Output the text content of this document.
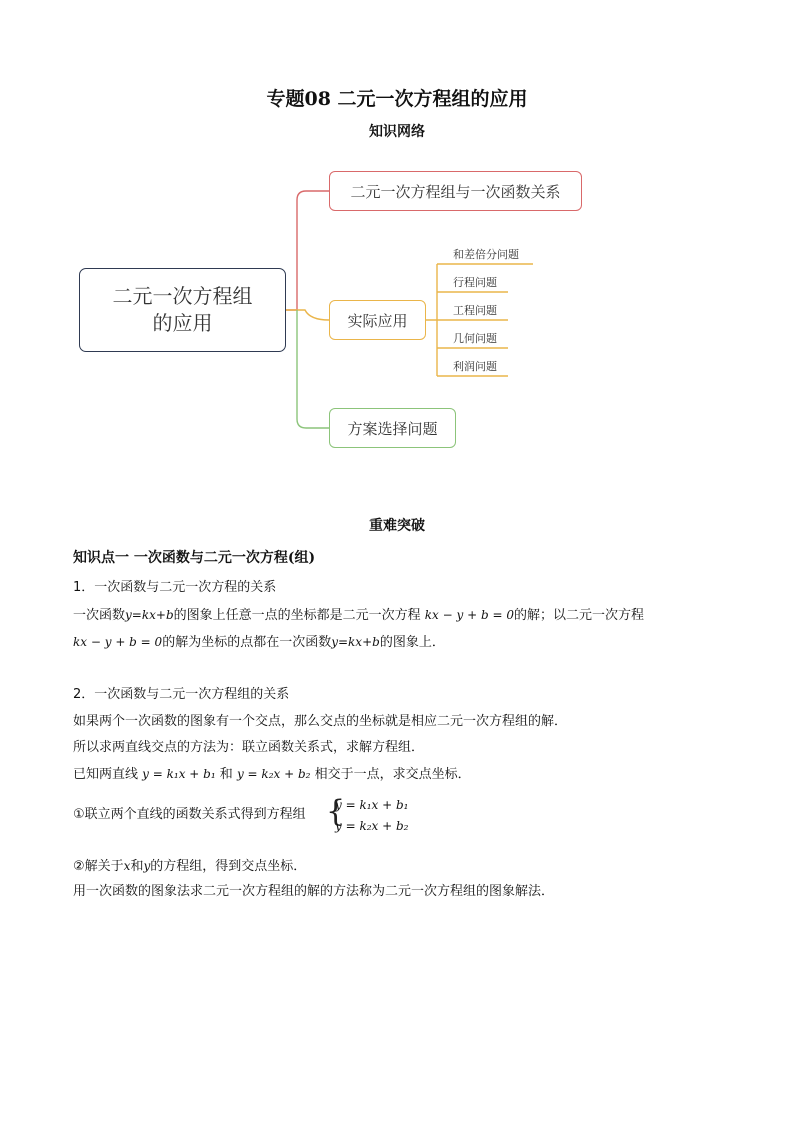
专题08 二元一次方程组的应用
知识网络
二元一次方程组
的应用
二元一次方程组与一次函数关系
实际应用
方案选择问题
和差倍分问题
行程问题
工程问题
几何问题
利润问题
重难突破
知识点一 一次函数与二元一次方程(组)
1．一次函数与二元一次方程的关系
一次函数y=kx+b的图象上任意一点的坐标都是二元一次方程 kx − y + b = 0的解；以二元一次方程
kx − y + b = 0的解为坐标的点都在一次函数y=kx+b的图象上．
2．一次函数与二元一次方程组的关系
如果两个一次函数的图象有一个交点，那么交点的坐标就是相应二元一次方程组的解．
所以求两直线交点的方法为：联立函数关系式，求解方程组．
已知两直线 y = k₁x + b₁ 和 y = k₂x + b₂ 相交于一点，求交点坐标．
①联立两个直线的函数关系式得到方程组 {
y = k₁x + b₁
y = k₂x + b₂
②解关于x和y的方程组，得到交点坐标．
用一次函数的图象法求二元一次方程组的解的方法称为二元一次方程组的图象解法．
